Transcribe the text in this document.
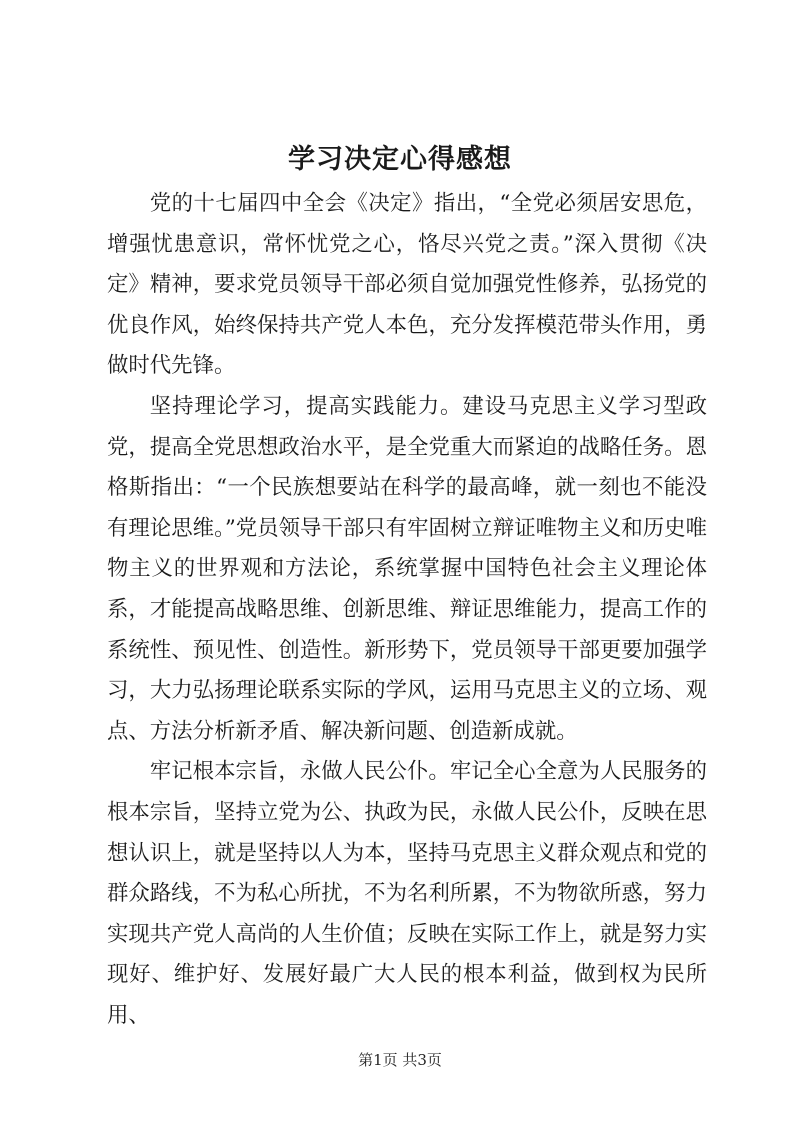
学习决定心得感想

党的十七届四中全会《决定》指出，“全党必须居安思危，增强忧患意识，常怀忧党之心，恪尽兴党之责。”深入贯彻《决定》精神，要求党员领导干部必须自觉加强党性修养，弘扬党的优良作风，始终保持共产党人本色，充分发挥模范带头作用，勇做时代先锋。

坚持理论学习，提高实践能力。建设马克思主义学习型政党，提高全党思想政治水平，是全党重大而紧迫的战略任务。恩格斯指出：“一个民族想要站在科学的最高峰，就一刻也不能没有理论思维。”党员领导干部只有牢固树立辩证唯物主义和历史唯物主义的世界观和方法论，系统掌握中国特色社会主义理论体系，才能提高战略思维、创新思维、辩证思维能力，提高工作的系统性、预见性、创造性。新形势下，党员领导干部更要加强学习，大力弘扬理论联系实际的学风，运用马克思主义的立场、观点、方法分析新矛盾、解决新问题、创造新成就。

牢记根本宗旨，永做人民公仆。牢记全心全意为人民服务的根本宗旨，坚持立党为公、执政为民，永做人民公仆，反映在思想认识上，就是坚持以人为本，坚持马克思主义群众观点和党的群众路线，不为私心所扰，不为名利所累，不为物欲所惑，努力实现共产党人高尚的人生价值；反映在实际工作上，就是努力实现好、维护好、发展好最广大人民的根本利益，做到权为民所用、

第1页 共3页
